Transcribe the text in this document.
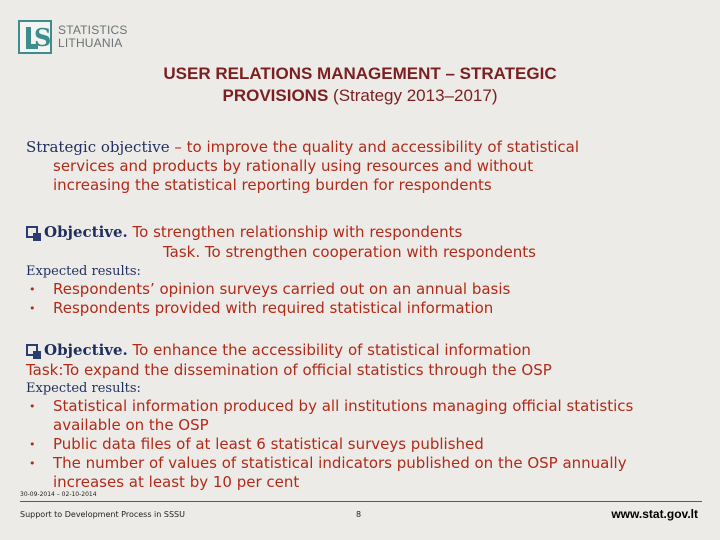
S STATISTICS
LITHUANIA
USER RELATIONS MANAGEMENT – STRATEGIC
PROVISIONS (Strategy 2013–2017)
Strategic objective – to improve the quality and accessibility of statistical
services and products by rationally using resources and without
increasing the statistical reporting burden for respondents
Objective. To strengthen relationship with respondents
Task. To strengthen cooperation with respondents
Expected results:
• Respondents’ opinion surveys carried out on an annual basis
• Respondents provided with required statistical information
Objective. To enhance the accessibility of statistical information
Task:To expand the dissemination of official statistics through the OSP
Expected results:
• Statistical information produced by all institutions managing official statistics available on the OSP
• Public data files of at least 6 statistical surveys published
• The number of values of statistical indicators published on the OSP annually increases at least by 10 per cent
30-09-2014 – 02-10-2014
Support to Development Process in SSSU	8	www.stat.gov.lt
